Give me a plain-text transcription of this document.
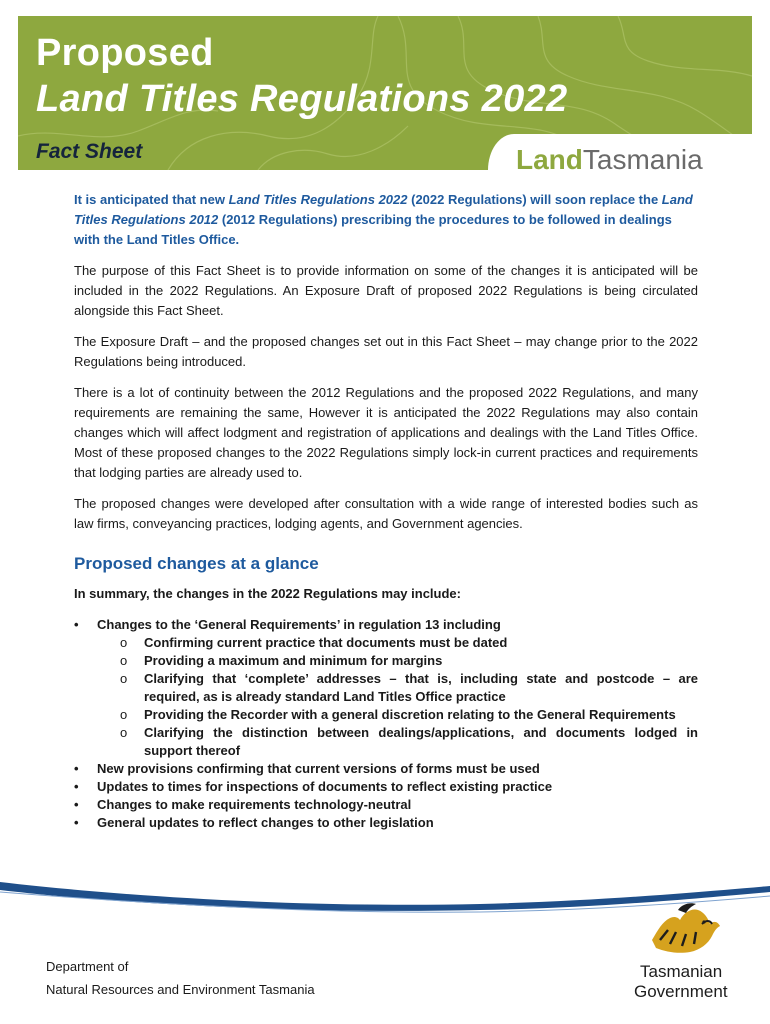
Proposed
Land Titles Regulations 2022
Fact Sheet	LandTasmania

It is anticipated that new Land Titles Regulations 2022 (2022 Regulations) will soon replace the Land Titles Regulations 2012 (2012 Regulations) prescribing the procedures to be followed in dealings with the Land Titles Office.

The purpose of this Fact Sheet is to provide information on some of the changes it is anticipated will be included in the 2022 Regulations. An Exposure Draft of proposed 2022 Regulations is being circulated alongside this Fact Sheet.

The Exposure Draft – and the proposed changes set out in this Fact Sheet – may change prior to the 2022 Regulations being introduced.

There is a lot of continuity between the 2012 Regulations and the proposed 2022 Regulations, and many requirements are remaining the same, However it is anticipated the 2022 Regulations may also contain changes which will affect lodgment and registration of applications and dealings with the Land Titles Office. Most of these proposed changes to the 2022 Regulations simply lock-in current practices and requirements that lodging parties are already used to.

The proposed changes were developed after consultation with a wide range of interested bodies such as law firms, conveyancing practices, lodging agents, and Government agencies.

Proposed changes at a glance

In summary, the changes in the 2022 Regulations may include:

• Changes to the ‘General Requirements’ in regulation 13 including
o Confirming current practice that documents must be dated
o Providing a maximum and minimum for margins
o Clarifying that ‘complete’ addresses – that is, including state and postcode – are required, as is already standard Land Titles Office practice
o Providing the Recorder with a general discretion relating to the General Requirements
o Clarifying the distinction between dealings/applications, and documents lodged in support thereof
• New provisions confirming that current versions of forms must be used
• Updates to times for inspections of documents to reflect existing practice
• Changes to make requirements technology-neutral
• General updates to reflect changes to other legislation
Department of
Natural Resources and Environment Tasmania
Tasmanian
Government
